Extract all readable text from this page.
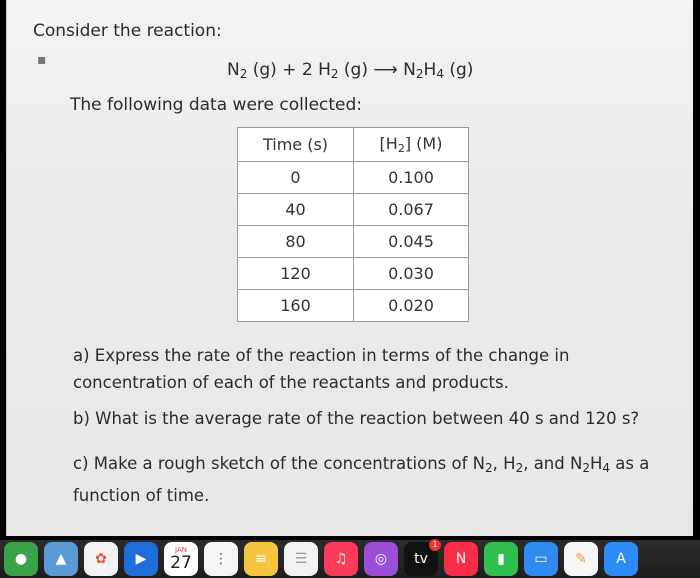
Consider the reaction:
▪	$N_2$ (g) + 2 $H_2$ (g) ⟶ $N_2H_4$ (g)
The following data were collected:
Time (s)	$[H_2]$ (M)
0	0.100
40	0.067
80	0.045
120	0.030
160	0.020
a) Express the rate of the reaction in terms of the change in concentration of each of the reactants and products.
b) What is the average rate of the reaction between 40 s and 120 s?
c) Make a rough sketch of the concentrations of $N_2$, $H_2$, and $N_2H_4$ as a function of time.
●	▲	✿	▶
JAN
27	⋮	≡	☰	♫	◎	tv
1
N	▮	▭	✎	A
